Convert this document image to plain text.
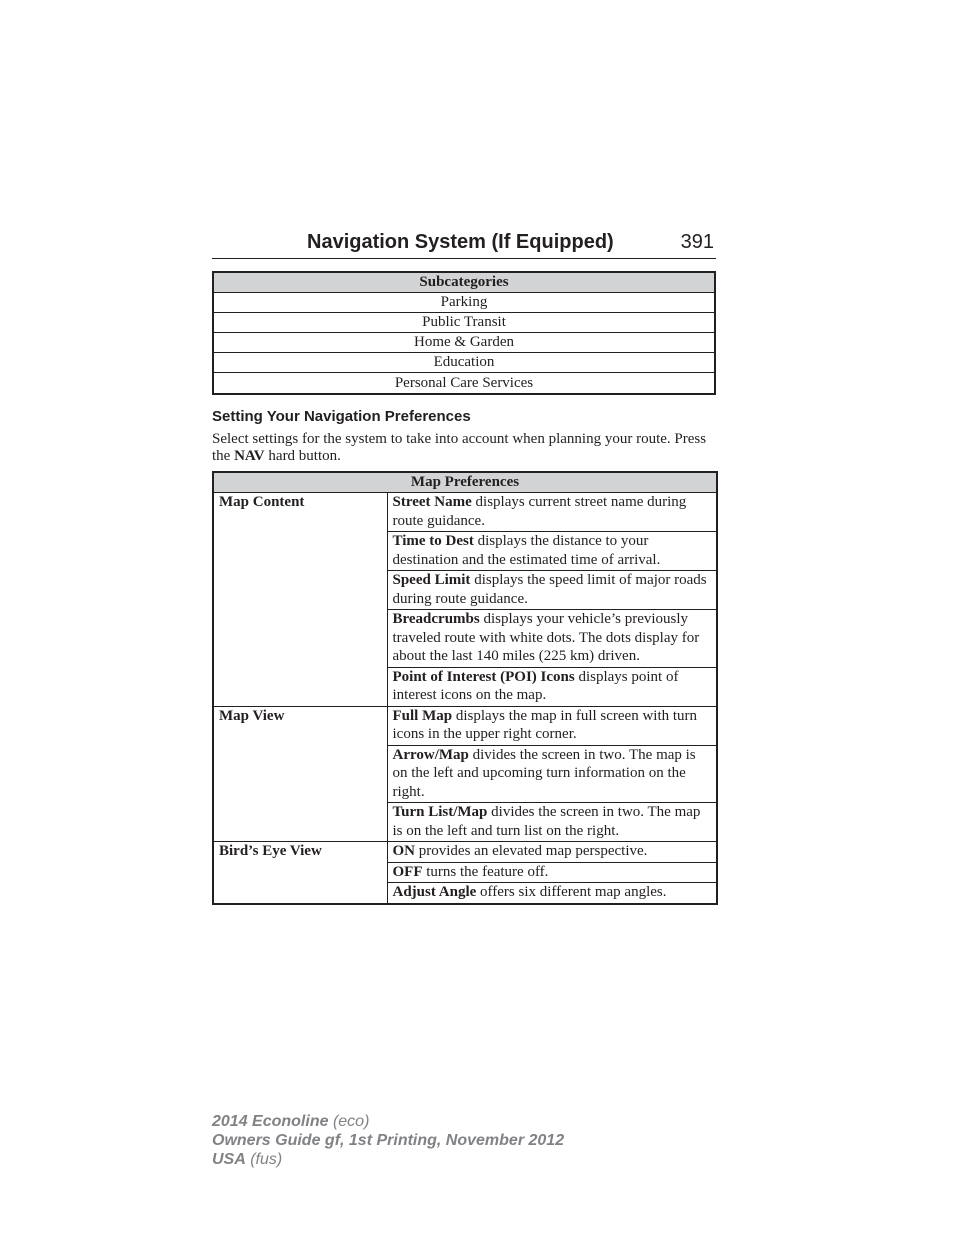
Navigation System (If Equipped)	391
Subcategories
Parking
Public Transit
Home & Garden
Education
Personal Care Services
Setting Your Navigation Preferences
Select settings for the system to take into account when planning your route. Press the NAV hard button.
Map Preferences	
Map Content	Street Name displays current street name during route guidance.
	Time to Dest displays the distance to your destination and the estimated time of arrival.
	Speed Limit displays the speed limit of major roads during route guidance.
	Breadcrumbs displays your vehicle’s previously traveled route with white dots. The dots display for about the last 140 miles (225 km) driven.
	Point of Interest (POI) Icons displays point of interest icons on the map.
Map View	Full Map displays the map in full screen with turn icons in the upper right corner.
	Arrow/Map divides the screen in two. The map is on the left and upcoming turn information on the right.
	Turn List/Map divides the screen in two. The map is on the left and turn list on the right.
Bird’s Eye View	ON provides an elevated map perspective.
	OFF turns the feature off.
	Adjust Angle offers six different map angles.
2014 Econoline (eco)
Owners Guide gf, 1st Printing, November 2012
USA (fus)
